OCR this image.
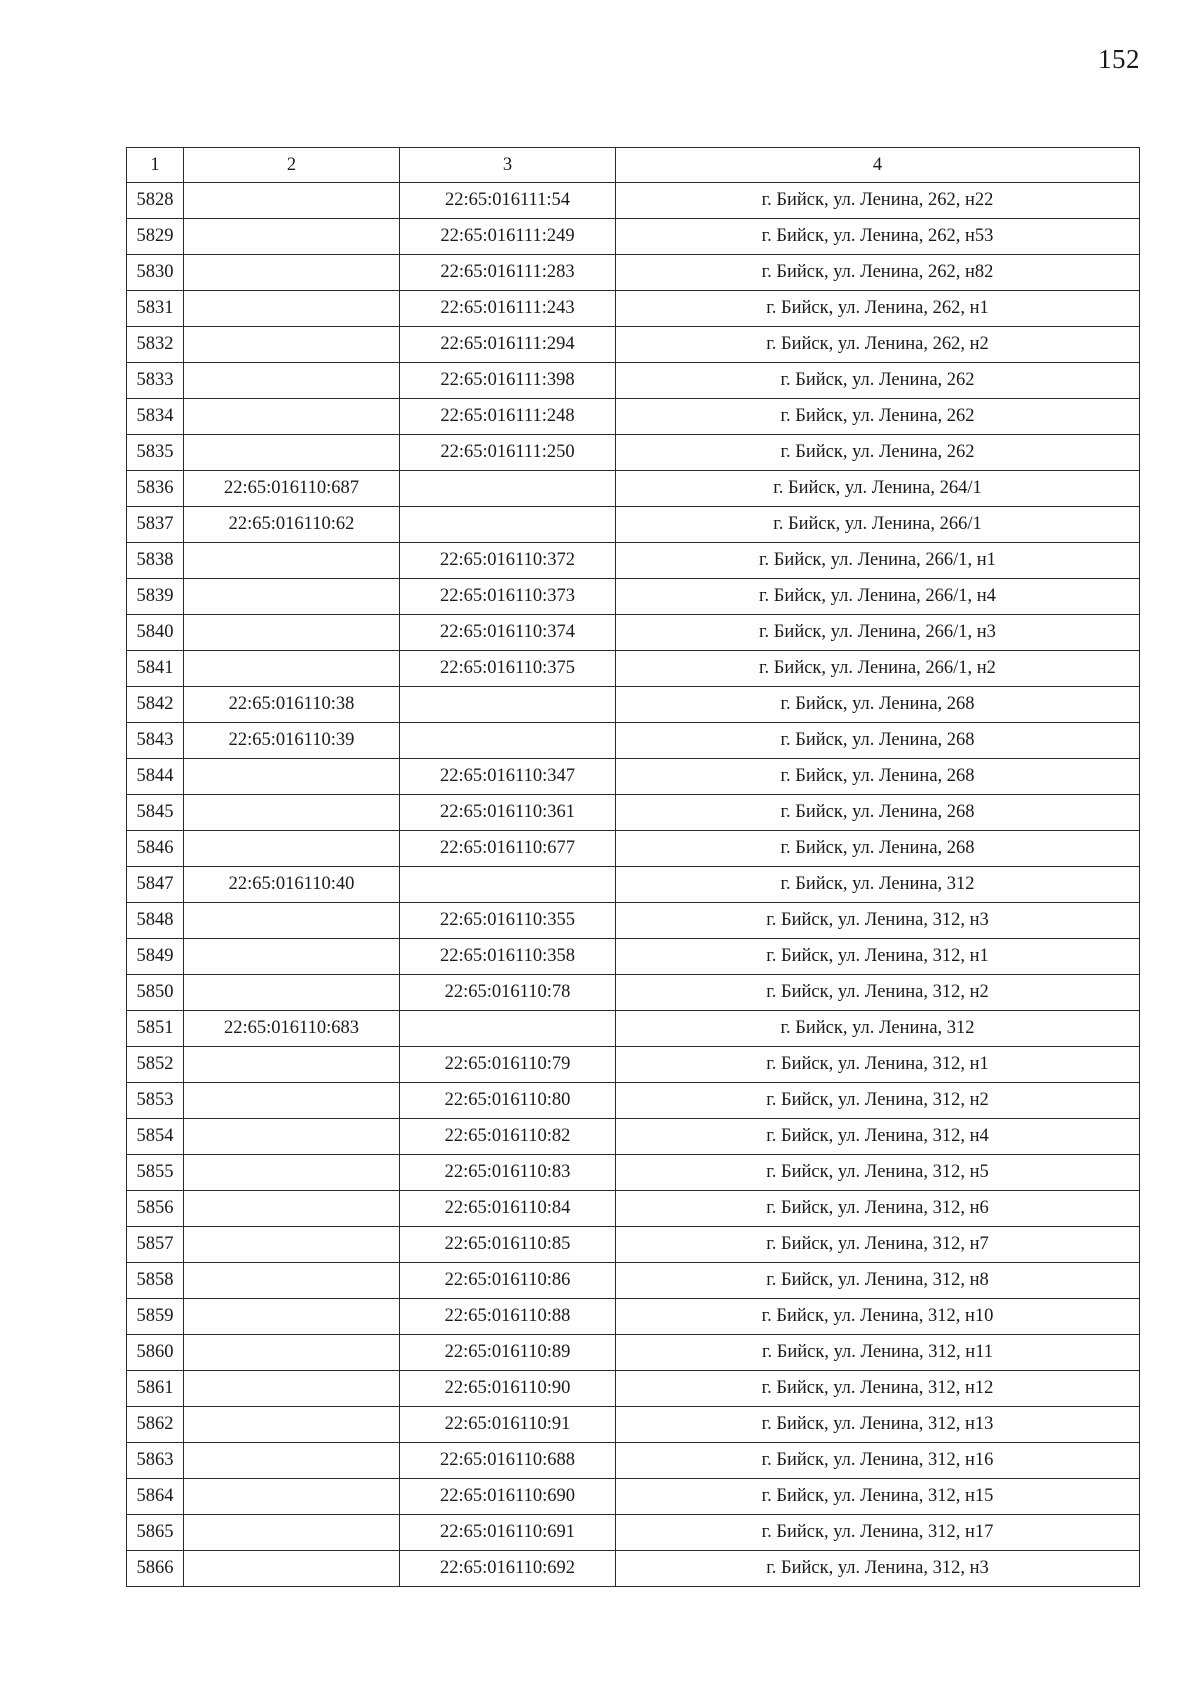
152
1	2	3	4
5828		22:65:016111:54	г. Бийск, ул. Ленина, 262, н22
5829		22:65:016111:249	г. Бийск, ул. Ленина, 262, н53
5830		22:65:016111:283	г. Бийск, ул. Ленина, 262, н82
5831		22:65:016111:243	г. Бийск, ул. Ленина, 262, н1
5832		22:65:016111:294	г. Бийск, ул. Ленина, 262, н2
5833		22:65:016111:398	г. Бийск, ул. Ленина, 262
5834		22:65:016111:248	г. Бийск, ул. Ленина, 262
5835		22:65:016111:250	г. Бийск, ул. Ленина, 262
5836	22:65:016110:687		г. Бийск, ул. Ленина, 264/1
5837	22:65:016110:62		г. Бийск, ул. Ленина, 266/1
5838		22:65:016110:372	г. Бийск, ул. Ленина, 266/1, н1
5839		22:65:016110:373	г. Бийск, ул. Ленина, 266/1, н4
5840		22:65:016110:374	г. Бийск, ул. Ленина, 266/1, н3
5841		22:65:016110:375	г. Бийск, ул. Ленина, 266/1, н2
5842	22:65:016110:38		г. Бийск, ул. Ленина, 268
5843	22:65:016110:39		г. Бийск, ул. Ленина, 268
5844		22:65:016110:347	г. Бийск, ул. Ленина, 268
5845		22:65:016110:361	г. Бийск, ул. Ленина, 268
5846		22:65:016110:677	г. Бийск, ул. Ленина, 268
5847	22:65:016110:40		г. Бийск, ул. Ленина, 312
5848		22:65:016110:355	г. Бийск, ул. Ленина, 312, н3
5849		22:65:016110:358	г. Бийск, ул. Ленина, 312, н1
5850		22:65:016110:78	г. Бийск, ул. Ленина, 312, н2
5851	22:65:016110:683		г. Бийск, ул. Ленина, 312
5852		22:65:016110:79	г. Бийск, ул. Ленина, 312, н1
5853		22:65:016110:80	г. Бийск, ул. Ленина, 312, н2
5854		22:65:016110:82	г. Бийск, ул. Ленина, 312, н4
5855		22:65:016110:83	г. Бийск, ул. Ленина, 312, н5
5856		22:65:016110:84	г. Бийск, ул. Ленина, 312, н6
5857		22:65:016110:85	г. Бийск, ул. Ленина, 312, н7
5858		22:65:016110:86	г. Бийск, ул. Ленина, 312, н8
5859		22:65:016110:88	г. Бийск, ул. Ленина, 312, н10
5860		22:65:016110:89	г. Бийск, ул. Ленина, 312, н11
5861		22:65:016110:90	г. Бийск, ул. Ленина, 312, н12
5862		22:65:016110:91	г. Бийск, ул. Ленина, 312, н13
5863		22:65:016110:688	г. Бийск, ул. Ленина, 312, н16
5864		22:65:016110:690	г. Бийск, ул. Ленина, 312, н15
5865		22:65:016110:691	г. Бийск, ул. Ленина, 312, н17
5866		22:65:016110:692	г. Бийск, ул. Ленина, 312, н3
